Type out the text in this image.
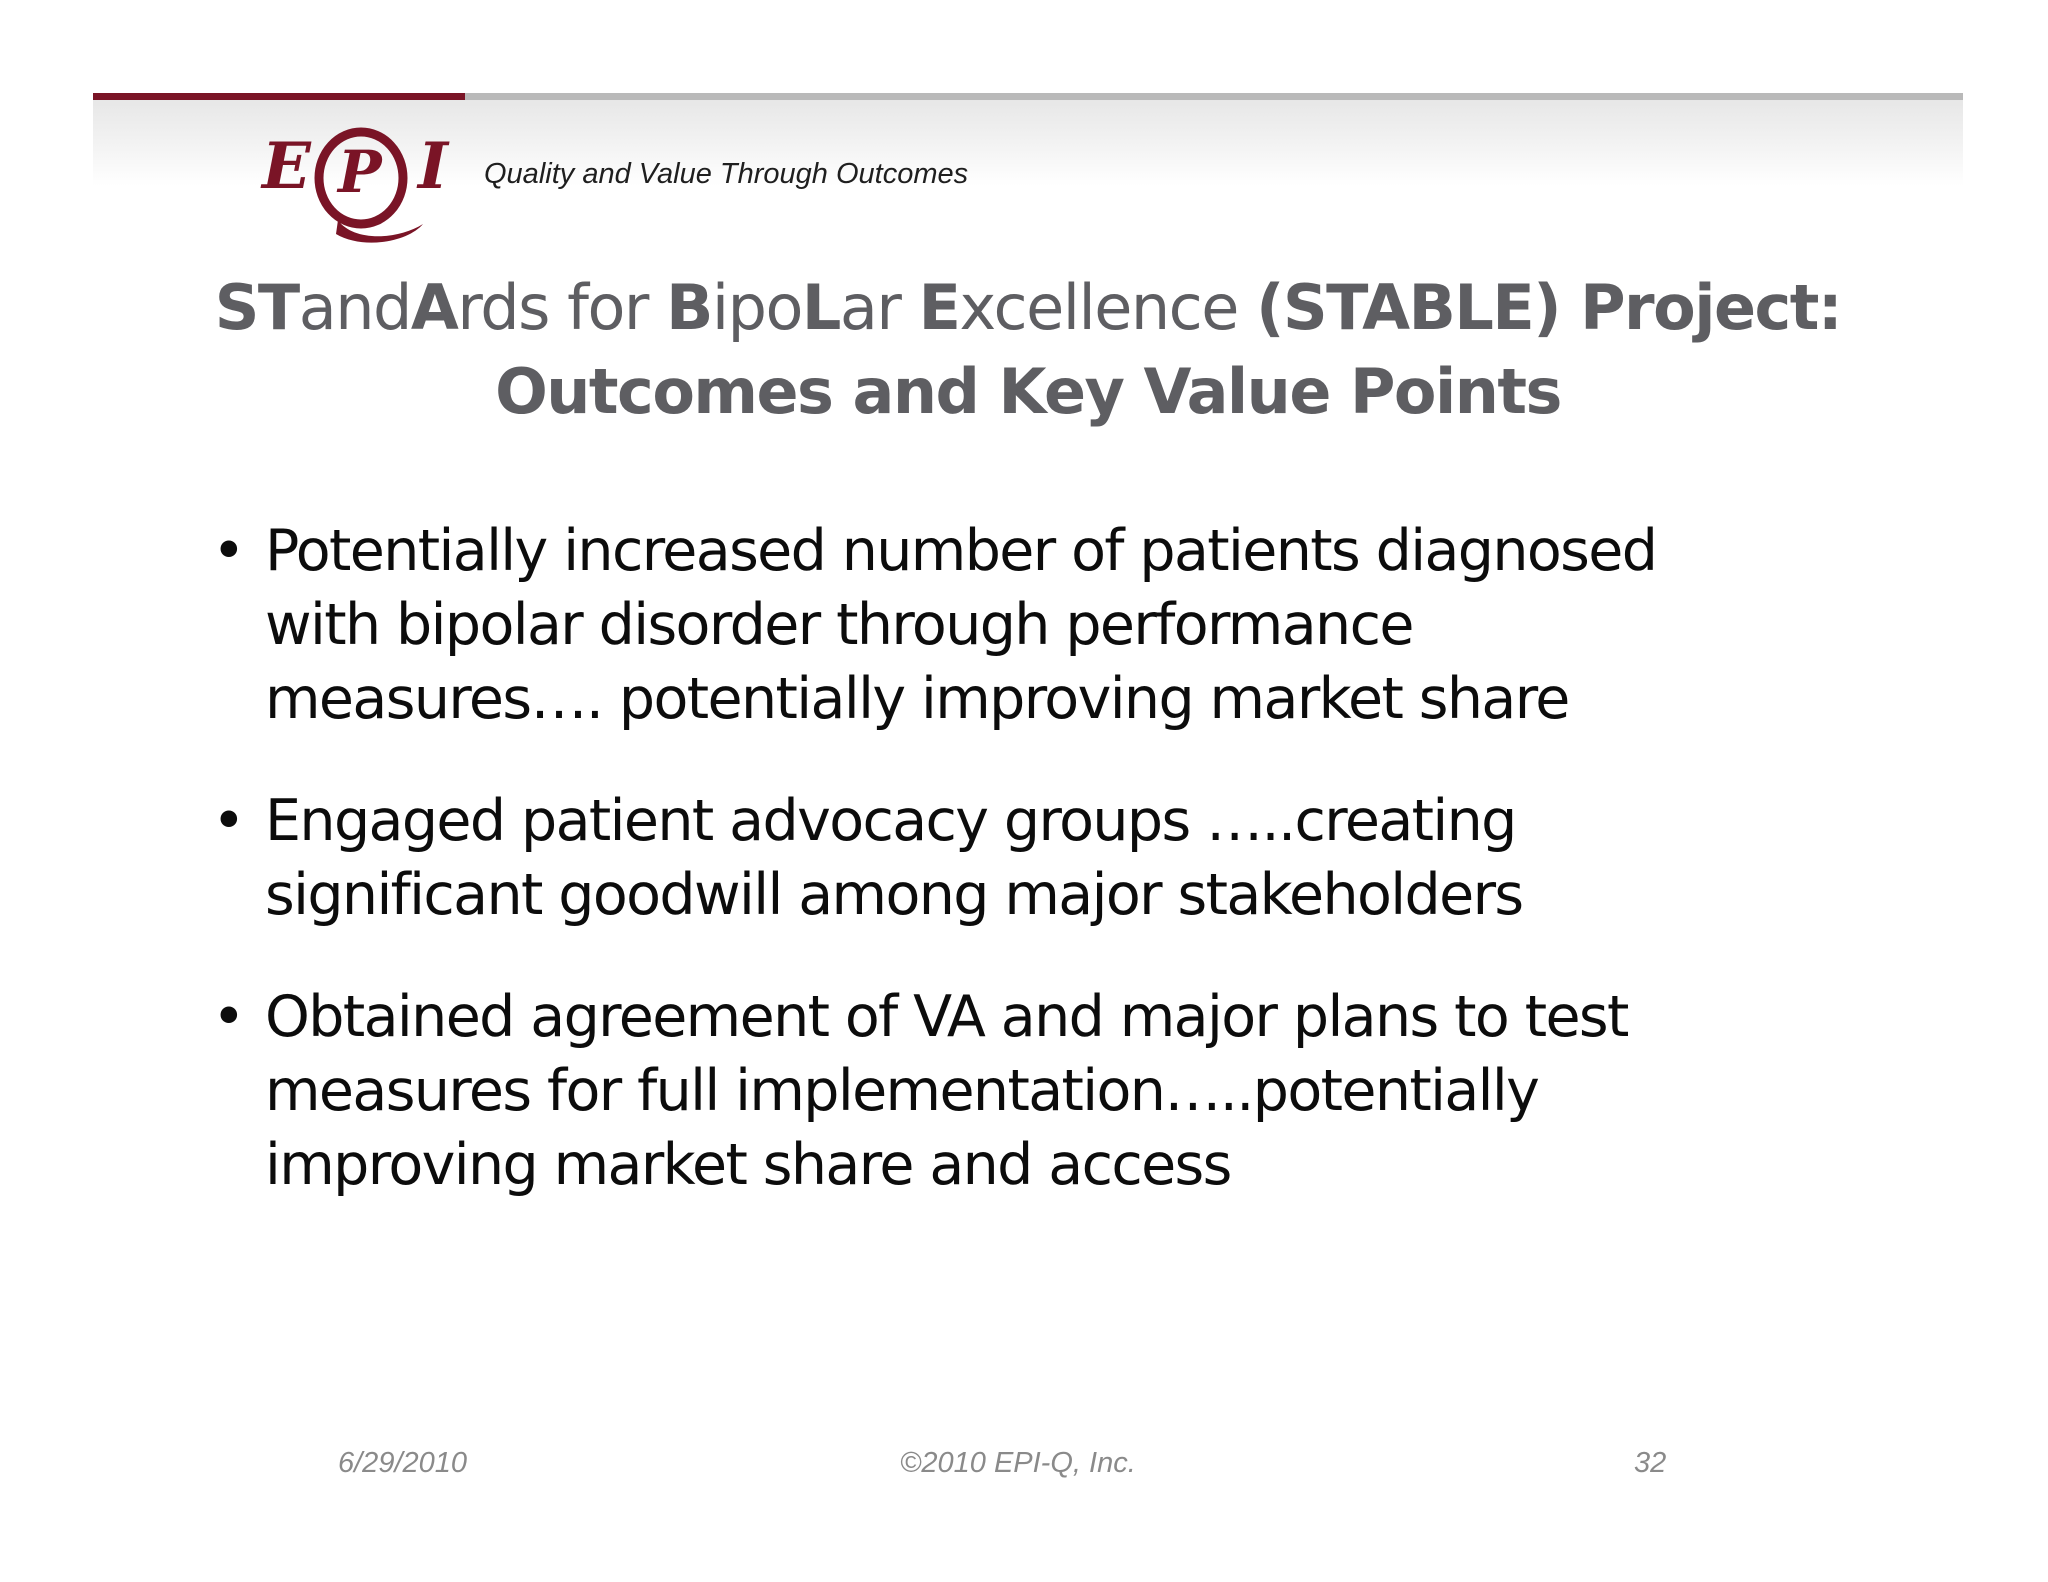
E P I Quality and Value Through Outcomes
STandArds for BipoLar Excellence (STABLE) Project:
Outcomes and Key Value Points
• Potentially increased number of patients diagnosed
with bipolar disorder through performance
measures…. potentially improving market share
• Engaged patient advocacy groups …..creating
significant goodwill among major stakeholders
• Obtained agreement of VA and major plans to test
measures for full implementation…..potentially
improving market share and access
6/29/2010	©2010 EPI-Q, Inc.	32
